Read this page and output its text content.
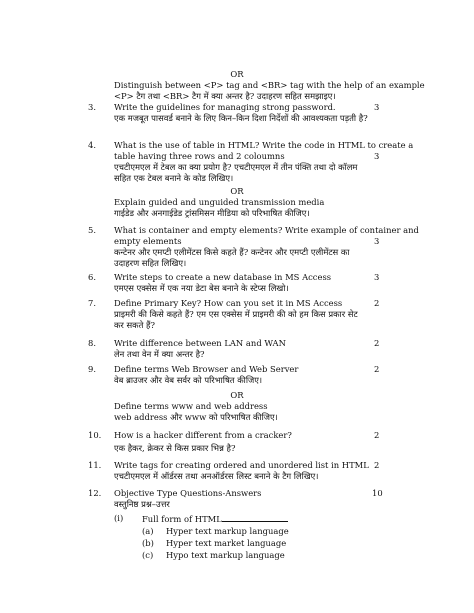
OR
Distinguish between <P> tag and <BR> tag with the help of an example
<P> टैग तथा <BR> टैग में क्या अन्तर है? उदाहरण सहित समझाइए।
3. Write the guidelines for managing strong password.	3
एक मजबूत पासवर्ड बनाने के लिए किन–किन दिशा निर्देशों की आवश्यकता पड़ती है?
4. What is the use of table in HTML? Write the code in HTML to create a
table having three rows and 2 coloumns	3
एचटीएमएल में टेबल का क्या प्रयोग है? एचटीएमएल में तीन पंक्ति तथा दो कॉलम
सहित एक टेबल बनाने के कोड लिखिए।
OR
Explain guided and unguided transmission media
गाईडेड और अनगाईडेड ट्रांसमिसन मीडिया को परिभाषित कीजिए।
5. What is container and empty elements? Write example of container and
empty elements	3
कन्टेनर और एमप्टी एलीमेंटस किसे कहते हैं? कन्टेनर और एमप्टी एलीमेंटस का
उदाहरण सहित लिखिए।
6. Write steps to create a new database in MS Access	3
एमएस एक्सेस में एक नया डेटा बेस बनाने के स्टेप्स लिखो।
7. Define Primary Key? How can you set it in MS Access	2
प्राइमरी की किसे कहते हैं? एम एस एक्सेस में प्राइमरी की को हम किस प्रकार सेट
कर सकते हैं?
8. Write difference between LAN and WAN	2
लेन तथा वेन में क्या अन्तर है?
9. Define terms Web Browser and Web Server	2
वेब ब्राउजर और वेब सर्वर को परिभाषित कीजिए।
OR
Define terms www and web address
web address और www को परिभाषित कीजिए।
10. How is a hacker different from a cracker?	2
एक हैकर, क्रेकर से किस प्रकार भिन्न है?
11. Write tags for creating ordered and unordered list in HTML 2
एचटीएमएल में ऑर्डरस तथा अनऑर्डरस लिस्ट बनाने के टैग लिखिए।
12. Objective Type Questions-Answers	10
वस्तुनिष्ठ प्रश्न–उत्तर
(i) Full form of HTML
(a) Hyper text markup language
(b) Hyper text market language
(c) Hypo text markup language
